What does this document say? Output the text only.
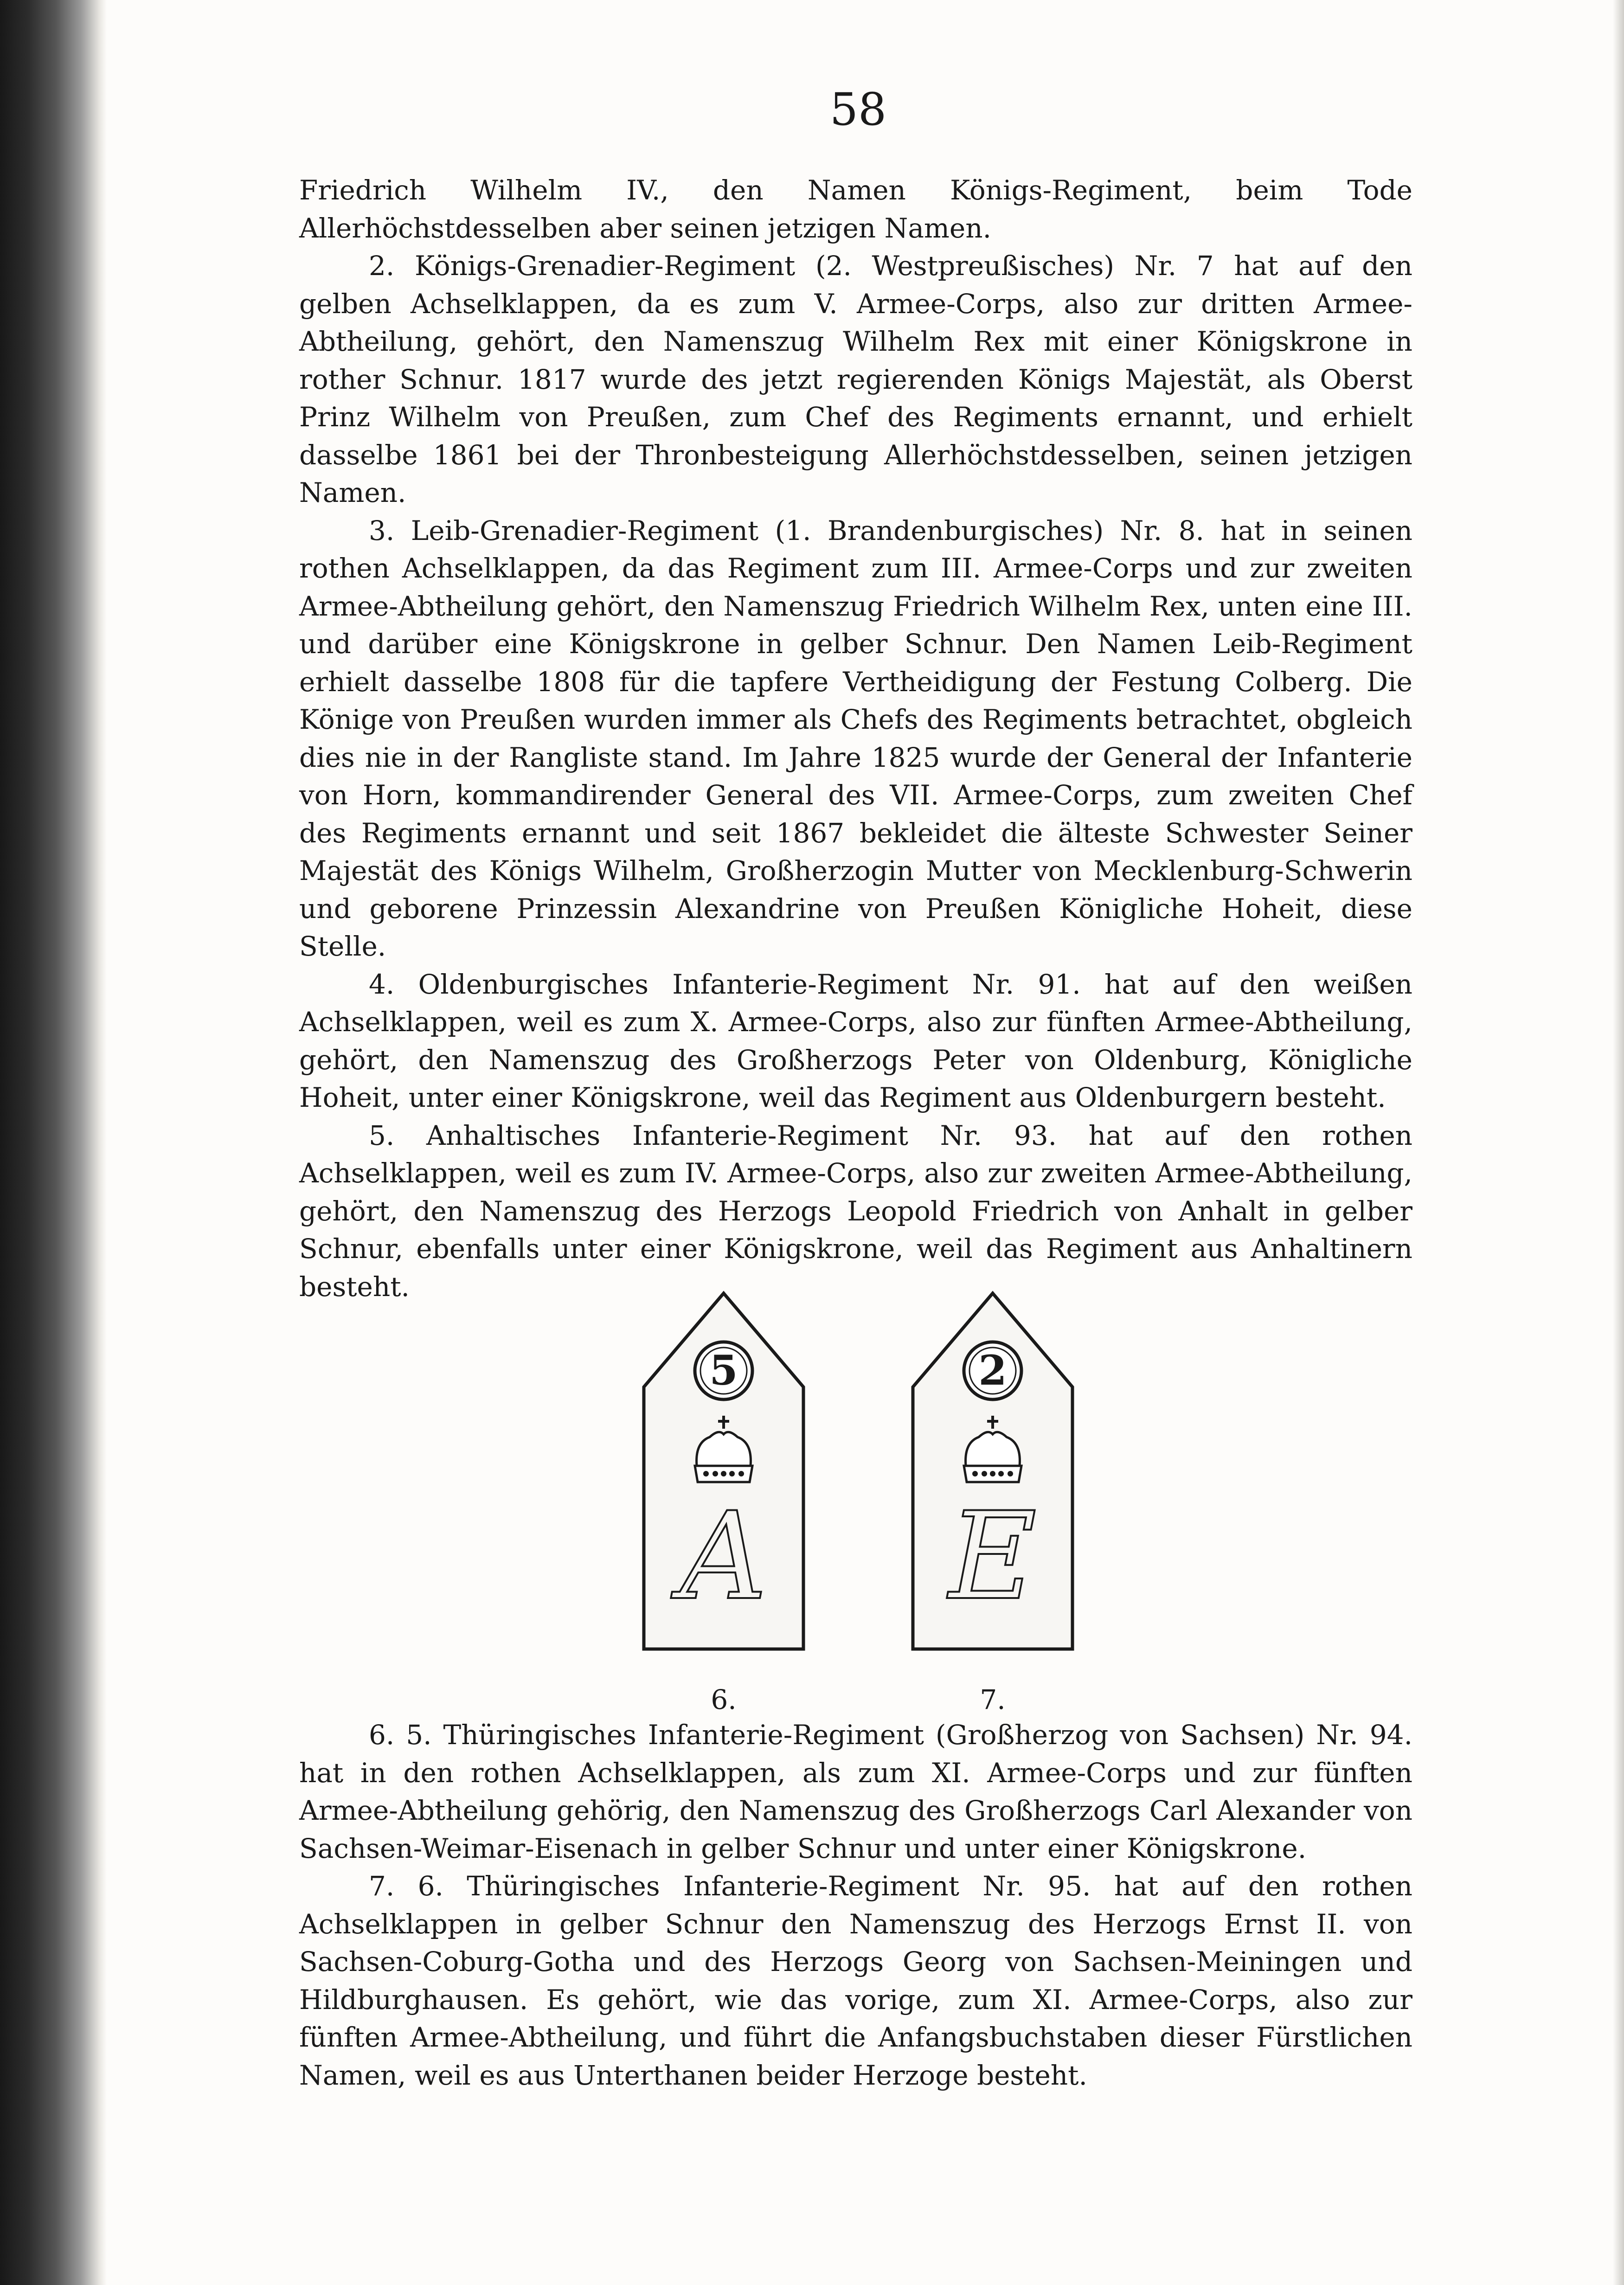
58

Friedrich Wilhelm IV., den Namen Königs-Regiment, beim Tode Allerhöchstdesselben aber seinen jetzigen Namen.

2. Königs-Grenadier-Regiment (2. Westpreußisches) Nr. 7 hat auf den gelben Achselklappen, da es zum V. Armee-Corps, also zur dritten Armee-Abtheilung, gehört, den Namenszug Wilhelm Rex mit einer Königskrone in rother Schnur. 1817 wurde des jetzt regierenden Königs Majestät, als Oberst Prinz Wilhelm von Preußen, zum Chef des Regiments ernannt, und erhielt dasselbe 1861 bei der Thronbesteigung Allerhöchstdesselben, seinen jetzigen Namen.

3. Leib-Grenadier-Regiment (1. Brandenburgisches) Nr. 8. hat in seinen rothen Achselklappen, da das Regiment zum III. Armee-Corps und zur zweiten Armee-Abtheilung gehört, den Namenszug Friedrich Wilhelm Rex, unten eine III. und darüber eine Königskrone in gelber Schnur. Den Namen Leib-Regiment erhielt dasselbe 1808 für die tapfere Vertheidigung der Festung Colberg. Die Könige von Preußen wurden immer als Chefs des Regiments betrachtet, obgleich dies nie in der Rangliste stand. Im Jahre 1825 wurde der General der Infanterie von Horn, kommandirender General des VII. Armee-Corps, zum zweiten Chef des Regiments ernannt und seit 1867 bekleidet die älteste Schwester Seiner Majestät des Königs Wilhelm, Großherzogin Mutter von Mecklenburg-Schwerin und geborene Prinzessin Alexandrine von Preußen Königliche Hoheit, diese Stelle.

4. Oldenburgisches Infanterie-Regiment Nr. 91. hat auf den weißen Achselklappen, weil es zum X. Armee-Corps, also zur fünften Armee-Abtheilung, gehört, den Namenszug des Großherzogs Peter von Oldenburg, Königliche Hoheit, unter einer Königskrone, weil das Regiment aus Oldenburgern besteht.

5. Anhaltisches Infanterie-Regiment Nr. 93. hat auf den rothen Achselklappen, weil es zum IV. Armee-Corps, also zur zweiten Armee-Abtheilung, gehört, den Namenszug des Herzogs Leopold Friedrich von Anhalt in gelber Schnur, ebenfalls unter einer Königskrone, weil das Regiment aus Anhaltinern besteht.

5
A
2
E
6.	7.

6. 5. Thüringisches Infanterie-Regiment (Großherzog von Sachsen) Nr. 94. hat in den rothen Achselklappen, als zum XI. Armee-Corps und zur fünften Armee-Abtheilung gehörig, den Namenszug des Großherzogs Carl Alexander von Sachsen-Weimar-Eisenach in gelber Schnur und unter einer Königskrone.

7. 6. Thüringisches Infanterie-Regiment Nr. 95. hat auf den rothen Achselklappen in gelber Schnur den Namenszug des Herzogs Ernst II. von Sachsen-Coburg-Gotha und des Herzogs Georg von Sachsen-Meiningen und Hildburghausen. Es gehört, wie das vorige, zum XI. Armee-Corps, also zur fünften Armee-Abtheilung, und führt die Anfangsbuchstaben dieser Fürstlichen Namen, weil es aus Unterthanen beider Herzoge besteht.
